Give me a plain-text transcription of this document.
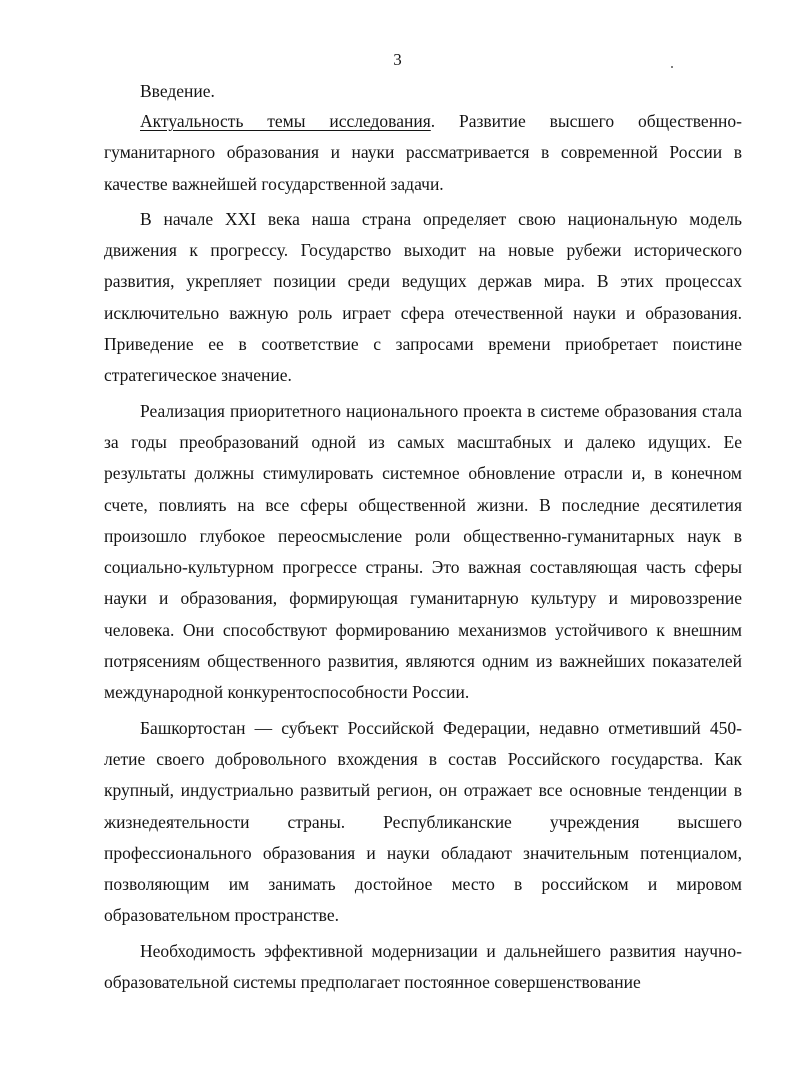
3
Введение.

Актуальность темы исследования. Развитие высшего общественно-гуманитарного образования и науки рассматривается в современной России в качестве важнейшей государственной задачи.

В начале XXI века наша страна определяет свою национальную модель движения к прогрессу. Государство выходит на новые рубежи исторического развития, укрепляет позиции среди ведущих держав мира. В этих процессах исключительно важную роль играет сфера отечественной науки и образования. Приведение ее в соответствие с запросами времени приобретает поистине стратегическое значение.

Реализация приоритетного национального проекта в системе образования стала за годы преобразований одной из самых масштабных и далеко идущих. Ее результаты должны стимулировать системное обновление отрасли и, в конечном счете, повлиять на все сферы общественной жизни. В последние десятилетия произошло глубокое переосмысление роли общественно-гуманитарных наук в социально-культурном прогрессе страны. Это важная составляющая часть сферы науки и образования, формирующая гуманитарную культуру и мировоззрение человека. Они способствуют формированию механизмов устойчивого к внешним потрясениям общественного развития, являются одним из важнейших показателей международной конкурентоспособности России.

Башкортостан — субъект Российской Федерации, недавно отметивший 450-летие своего добровольного вхождения в состав Российского государства. Как крупный, индустриально развитый регион, он отражает все основные тенденции в жизнедеятельности страны. Республиканские учреждения высшего профессионального образования и науки обладают значительным потенциалом, позволяющим им занимать достойное место в российском и мировом образовательном пространстве.

Необходимость эффективной модернизации и дальнейшего развития научно-образовательной системы предполагает постоянное совершенствование
